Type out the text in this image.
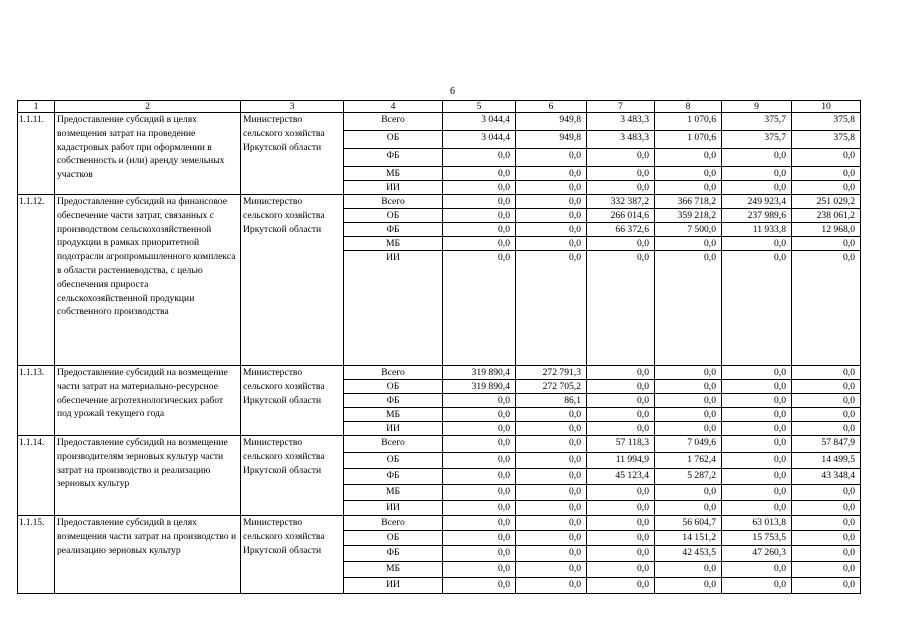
6
1	2	3	4	5	6	7	8	9	10
1.1.11.	Предоставление субсидий в целях возмещения затрат на проведение кадастровых работ при оформлении в собственность и (или) аренду земельных участков	Министерство сельского хозяйства Иркутской области	Всего	3 044,4	949,8	3 483,3	1 070,6	375,7	375,8
			ОБ	3 044,4	949,8	3 483,3	1 070,6	375,7	375,8
			ФБ	0,0	0,0	0,0	0,0	0,0	0,0
			МБ	0,0	0,0	0,0	0,0	0,0	0,0
			ИИ	0,0	0,0	0,0	0,0	0,0	0,0
1.1.12.	Предоставление субсидий на финансовое обеспечение части затрат, связанных с производством сельскохозяйственной продукции в рамках приоритетной подотрасли агропромышленного комплекса в области растениеводства, с целью обеспечения прироста сельскохозяйственной продукции собственного производства	Министерство сельского хозяйства Иркутской области	Всего	0,0	0,0	332 387,2	366 718,2	249 923,4	251 029,2
			ОБ	0,0	0,0	266 014,6	359 218,2	237 989,6	238 061,2
			ФБ	0,0	0,0	66 372,6	7 500,0	11 933,8	12 968,0
			МБ	0,0	0,0	0,0	0,0	0,0	0,0
			ИИ	0,0	0,0	0,0	0,0	0,0	0,0
1.1.13.	Предоставление субсидий на возмещение части затрат на материально-ресурсное обеспечение агротехнологических работ под урожай текущего года	Министерство сельского хозяйства Иркутской области	Всего	319 890,4	272 791,3	0,0	0,0	0,0	0,0
			ОБ	319 890,4	272 705,2	0,0	0,0	0,0	0,0
			ФБ	0,0	86,1	0,0	0,0	0,0	0,0
			МБ	0,0	0,0	0,0	0,0	0,0	0,0
			ИИ	0,0	0,0	0,0	0,0	0,0	0,0
1.1.14.	Предоставление субсидий на возмещение производителям зерновых культур части затрат на производство и реализацию зерновых культур	Министерство сельского хозяйства Иркутской области	Всего	0,0	0,0	57 118,3	7 049,6	0,0	57 847,9
			ОБ	0,0	0,0	11 994,9	1 762,4	0,0	14 499,5
			ФБ	0,0	0,0	45 123,4	5 287,2	0,0	43 348,4
			МБ	0,0	0,0	0,0	0,0	0,0	0,0
			ИИ	0,0	0,0	0,0	0,0	0,0	0,0
1.1.15.	Предоставление субсидий в целях возмещения части затрат на производство и реализацию зерновых культур	Министерство сельского хозяйства Иркутской области	Всего	0,0	0,0	0,0	56 604,7	63 013,8	0,0
			ОБ	0,0	0,0	0,0	14 151,2	15 753,5	0,0
			ФБ	0,0	0,0	0,0	42 453,5	47 260,3	0,0
			МБ	0,0	0,0	0,0	0,0	0,0	0,0
			ИИ	0,0	0,0	0,0	0,0	0,0	0,0
